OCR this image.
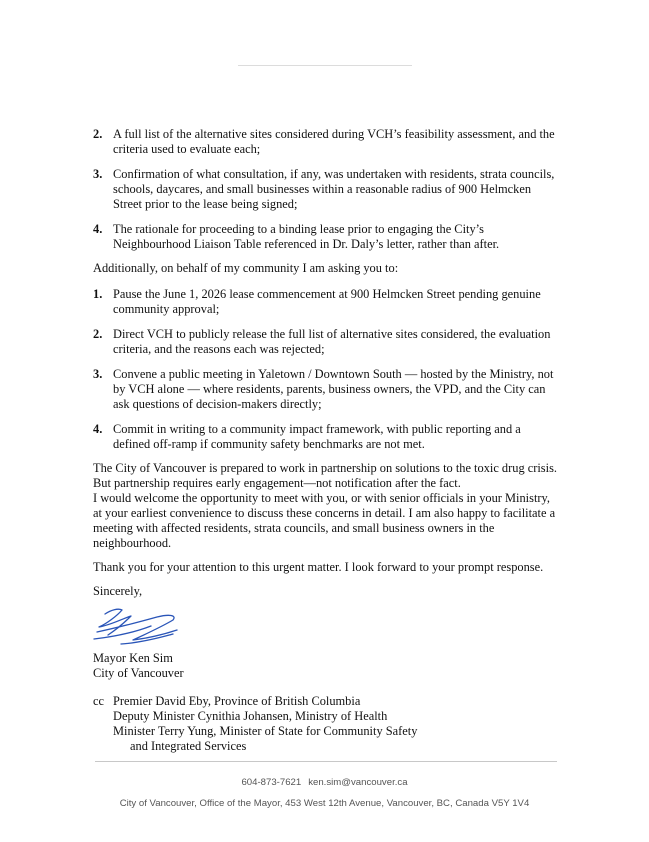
2. A full list of the alternative sites considered during VCH’s feasibility assessment, and the criteria used to evaluate each;
3. Confirmation of what consultation, if any, was undertaken with residents, strata councils, schools, daycares, and small businesses within a reasonable radius of 900 Helmcken Street prior to the lease being signed;
4. The rationale for proceeding to a binding lease prior to engaging the City’s Neighbourhood Liaison Table referenced in Dr. Daly’s letter, rather than after.

Additionally, on behalf of my community I am asking you to:

1. Pause the June 1, 2026 lease commencement at 900 Helmcken Street pending genuine community approval;
2. Direct VCH to publicly release the full list of alternative sites considered, the evaluation criteria, and the reasons each was rejected;
3. Convene a public meeting in Yaletown / Downtown South — hosted by the Ministry, not by VCH alone — where residents, parents, business owners, the VPD, and the City can ask questions of decision-makers directly;
4. Commit in writing to a community impact framework, with public reporting and a defined off-ramp if community safety benchmarks are not met.
The City of Vancouver is prepared to work in partnership on solutions to the toxic drug crisis. But partnership requires early engagement—not notification after the fact.
I would welcome the opportunity to meet with you, or with senior officials in your Ministry, at your earliest convenience to discuss these concerns in detail. I am also happy to facilitate a meeting with affected residents, strata councils, and small business owners in the neighbourhood.

Thank you for your attention to this urgent matter. I look forward to your prompt response.

Sincerely,

Mayor Ken Sim

City of Vancouver

cc Premier David Eby, Province of British Columbia

Deputy Minister Cynithia Johansen, Ministry of Health

Minister Terry Yung, Minister of State for Community Safety

and Integrated Services

604-873-7621 ken.sim@vancouver.ca

City of Vancouver, Office of the Mayor, 453 West 12th Avenue, Vancouver, BC, Canada V5Y 1V4
